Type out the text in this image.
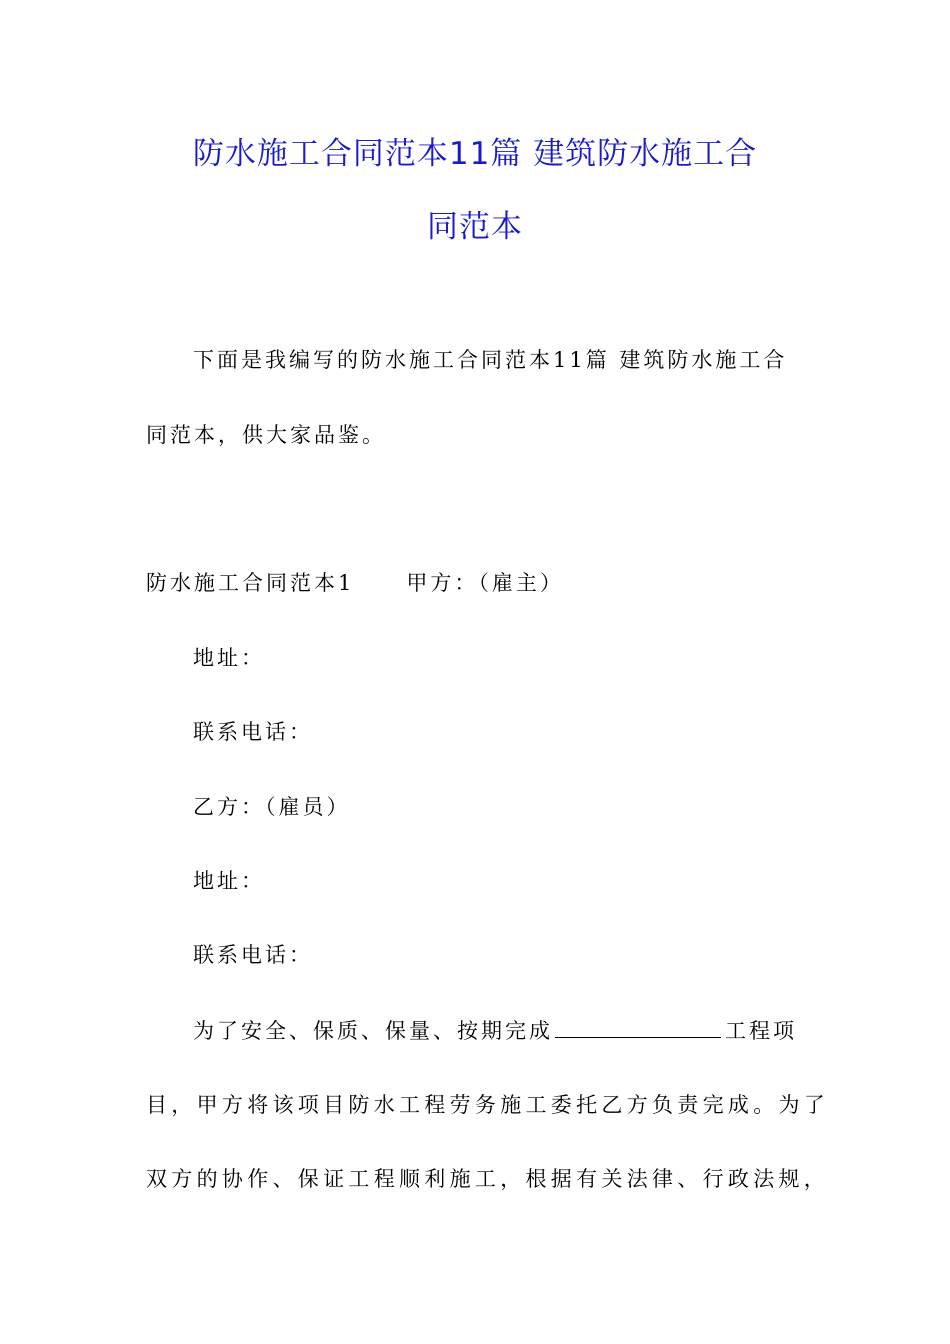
防水施工合同范本11篇 建筑防水施工合
同范本
下面是我编写的防水施工合同范本11篇 建筑防水施工合
同范本，供大家品鉴。
防水施工合同范本1 甲方：（雇主）
地址：
联系电话：
乙方：（雇员）
地址：
联系电话：
为了安全、保质、保量、按期完成	工程项
目，甲方将该项目防水工程劳务施工委托乙方负责完成。为了
双方的协作、保证工程顺利施工，根据有关法律、行政法规，
